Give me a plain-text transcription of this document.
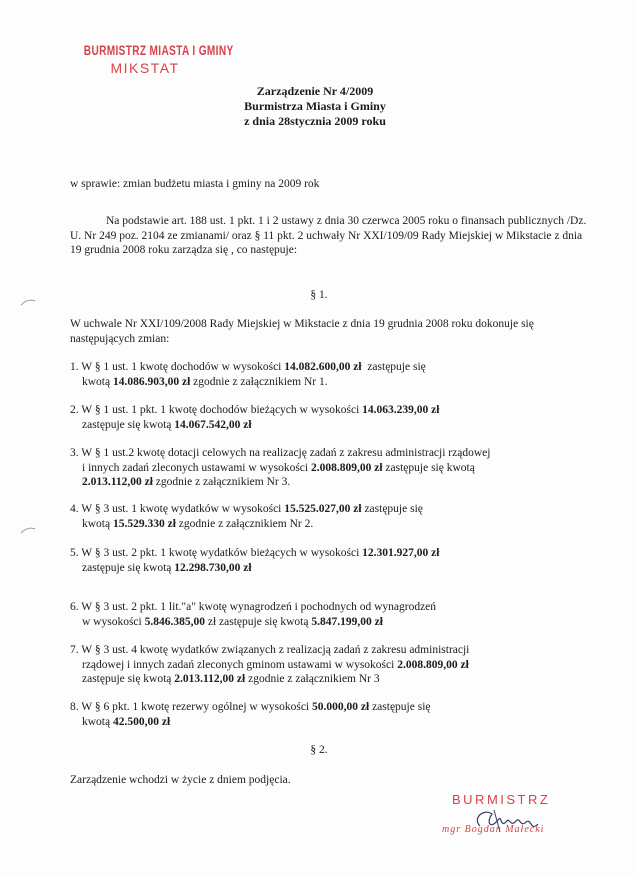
BURMISTRZ MIASTA I GMINY
MIKSTAT
Zarządzenie Nr 4/2009
Burmistrza Miasta i Gminy
z dnia 28stycznia 2009 roku
w sprawie: zmian budżetu miasta i gminy na 2009 rok
Na podstawie art. 188 ust. 1 pkt. 1 i 2 ustawy z dnia 30 czerwca 2005 roku o finansach publicznych /Dz. U. Nr 249 poz. 2104 ze zmianami/ oraz § 11 pkt. 2 uchwały Nr XXI/109/09 Rady Miejskiej w Mikstacie z dnia 19 grudnia 2008 roku zarządza się , co następuje:
§ 1.
W uchwale Nr XXI/109/2008 Rady Miejskiej w Mikstacie z dnia 19 grudnia 2008 roku dokonuje się następujących zmian:
1. W § 1 ust. 1 kwotę dochodów w wysokości 14.082.600,00 zł  zastępuje się
kwotą 14.086.903,00 zł zgodnie z załącznikiem Nr 1.
2. W § 1 ust. 1 pkt. 1 kwotę dochodów bieżących w wysokości 14.063.239,00 zł
zastępuje się kwotą 14.067.542,00 zł
3. W § 1 ust.2 kwotę dotacji celowych na realizację zadań z zakresu administracji rządowej
i innych zadań zleconych ustawami w wysokości 2.008.809,00 zł zastępuje się kwotą
2.013.112,00 zł zgodnie z załącznikiem Nr 3.
4. W § 3 ust. 1 kwotę wydatków w wysokości 15.525.027,00 zł zastępuje się
kwotą 15.529.330 zł zgodnie z załącznikiem Nr 2.
5. W § 3 ust. 2 pkt. 1 kwotę wydatków bieżących w wysokości 12.301.927,00 zł
zastępuje się kwotą 12.298.730,00 zł
6. W § 3 ust. 2 pkt. 1 lit."a" kwotę wynagrodzeń i pochodnych od wynagrodzeń
w wysokości 5.846.385,00 zł zastępuje się kwotą 5.847.199,00 zł
7. W § 3 ust. 4 kwotę wydatków związanych z realizacją zadań z zakresu administracji
rządowej i innych zadań zleconych gminom ustawami w wysokości 2.008.809,00 zł
zastępuje się kwotą 2.013.112,00 zł zgodnie z załącznikiem Nr 3
8. W § 6 pkt. 1 kwotę rezerwy ogólnej w wysokości 50.000,00 zł zastępuje się
kwotą 42.500,00 zł
§ 2.
Zarządzenie wchodzi w życie z dniem podjęcia.
BURMISTRZ
mgr Bogdan Małecki
